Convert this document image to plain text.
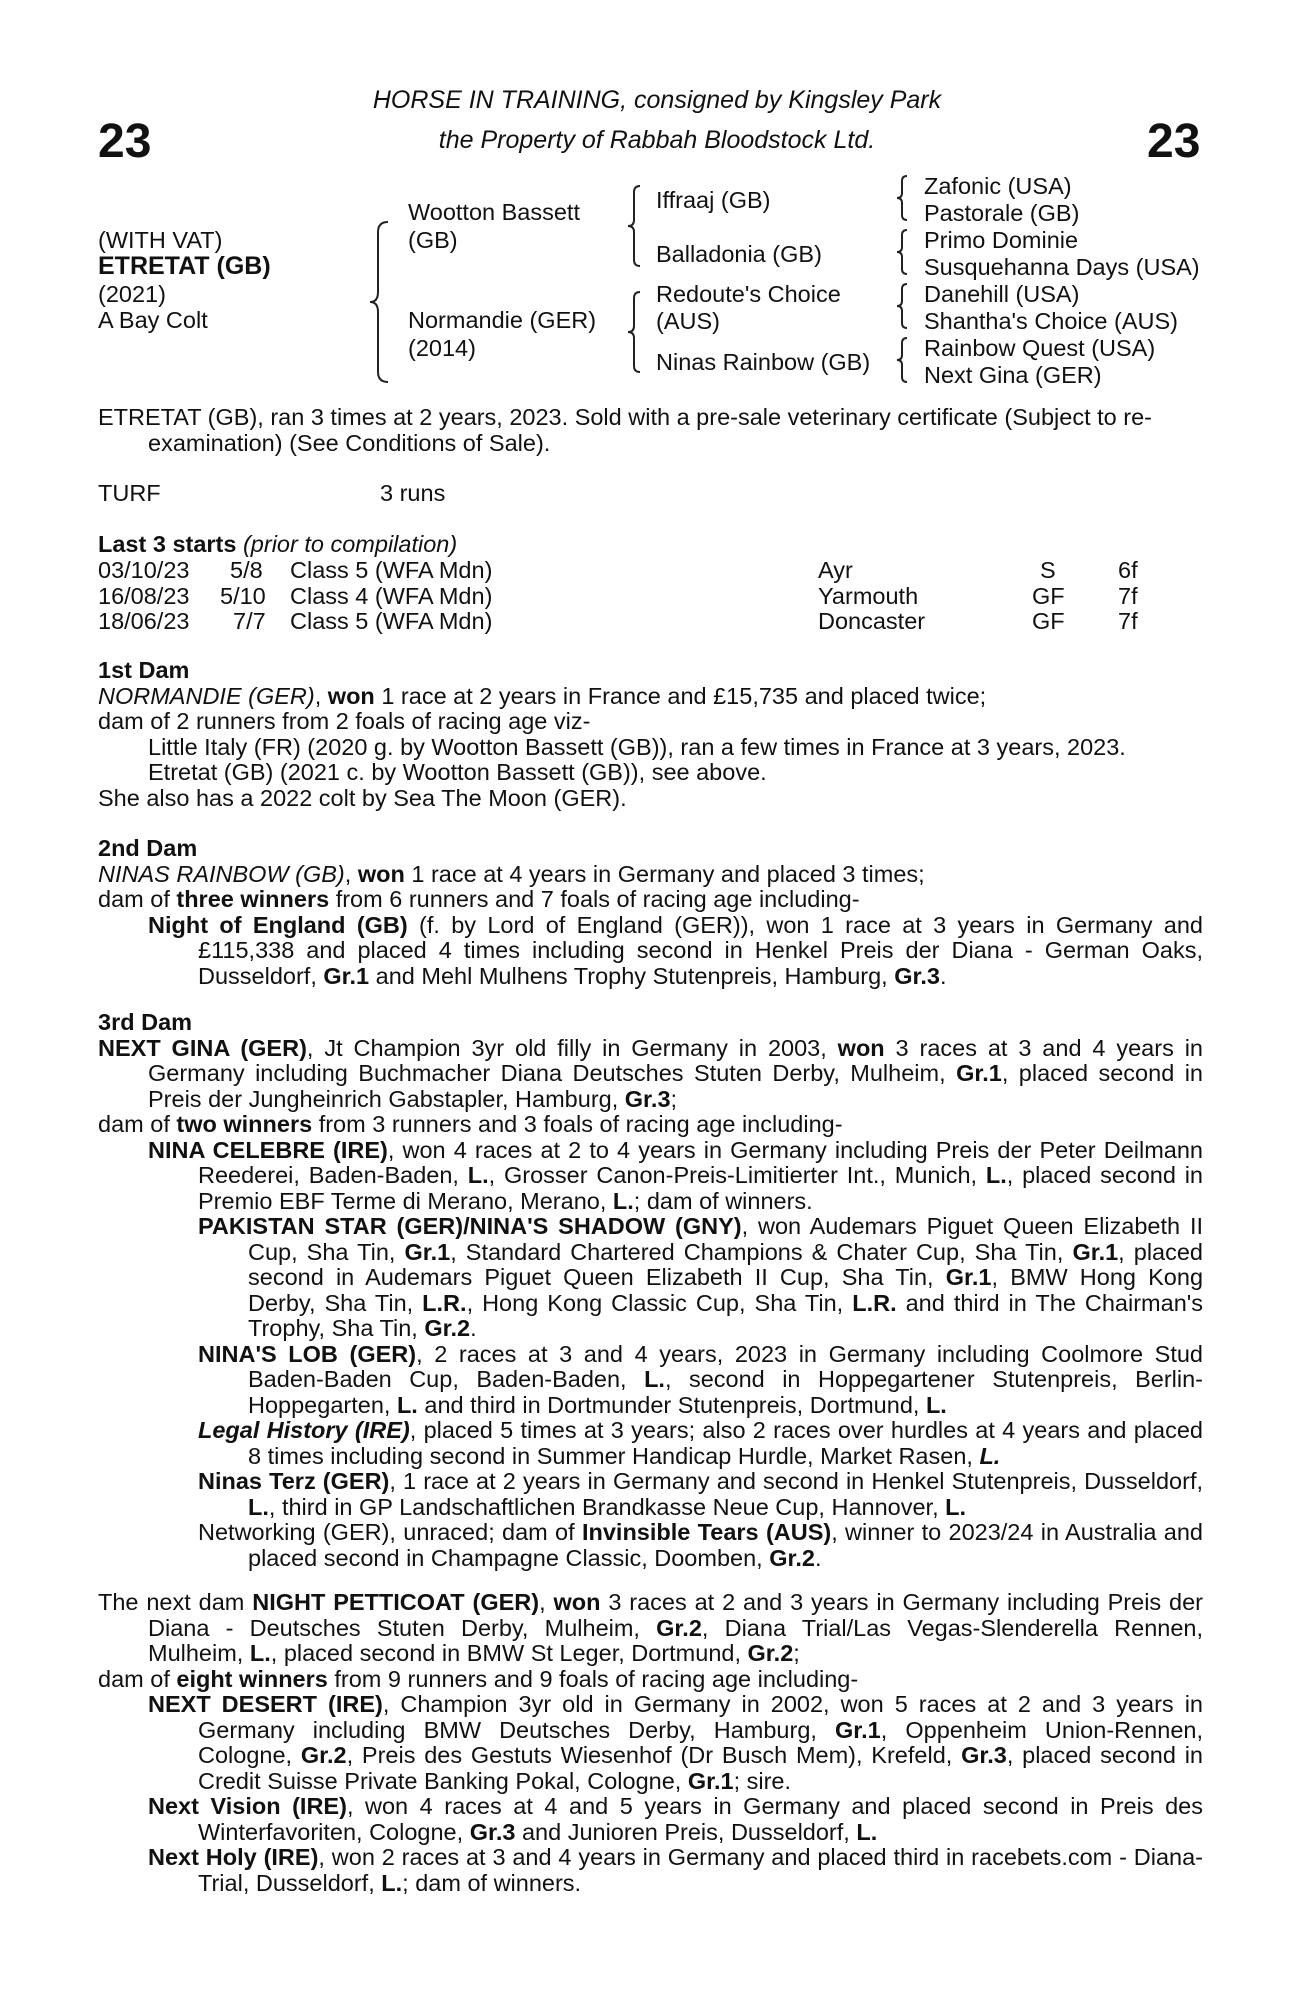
23	23
HORSE IN TRAINING, consigned by Kingsley Park
the Property of Rabbah Bloodstock Ltd.
(WITH VAT)
ETRETAT (GB)
(2021)
A Bay Colt
Wootton Bassett
(GB)
Normandie (GER)
(2014)
Iffraaj (GB)
Balladonia (GB)
Redoute's Choice
(AUS)
Ninas Rainbow (GB)
Zafonic (USA)
Pastorale (GB)
Primo Dominie
Susquehanna Days (USA)
Danehill (USA)
Shantha's Choice (AUS)
Rainbow Quest (USA)
Next Gina (GER)
ETRETAT (GB), ran 3 times at 2 years, 2023. Sold with a pre-sale veterinary certificate (Subject to re-examination) (See Conditions of Sale).
TURF	3 runs
Last 3 starts (prior to compilation)
03/10/23 5/8 Class 5 (WFA Mdn)	Ayr	S	6f
16/08/23 5/10 Class 4 (WFA Mdn)	Yarmouth	GF 7f
18/06/23 7/7 Class 5 (WFA Mdn)	Doncaster	GF 7f
1st Dam
NORMANDIE (GER), won 1 race at 2 years in France and £15,735 and placed twice;
dam of 2 runners from 2 foals of racing age viz-
Little Italy (FR) (2020 g. by Wootton Bassett (GB)), ran a few times in France at 3 years, 2023.
Etretat (GB) (2021 c. by Wootton Bassett (GB)), see above.
She also has a 2022 colt by Sea The Moon (GER).
2nd Dam
NINAS RAINBOW (GB), won 1 race at 4 years in Germany and placed 3 times;
dam of three winners from 6 runners and 7 foals of racing age including-
Night of England (GB) (f. by Lord of England (GER)), won 1 race at 3 years in Germany and £115,338 and placed 4 times including second in Henkel Preis der Diana - German Oaks, Dusseldorf, Gr.1 and Mehl Mulhens Trophy Stutenpreis, Hamburg, Gr.3.
3rd Dam
NEXT GINA (GER), Jt Champion 3yr old filly in Germany in 2003, won 3 races at 3 and 4 years in Germany including Buchmacher Diana Deutsches Stuten Derby, Mulheim, Gr.1, placed second in Preis der Jungheinrich Gabstapler, Hamburg, Gr.3;
dam of two winners from 3 runners and 3 foals of racing age including-
NINA CELEBRE (IRE), won 4 races at 2 to 4 years in Germany including Preis der Peter Deilmann Reederei, Baden-Baden, L., Grosser Canon-Preis-Limitierter Int., Munich, L., placed second in Premio EBF Terme di Merano, Merano, L.; dam of winners.
PAKISTAN STAR (GER)/NINA'S SHADOW (GNY), won Audemars Piguet Queen Elizabeth II Cup, Sha Tin, Gr.1, Standard Chartered Champions & Chater Cup, Sha Tin, Gr.1, placed second in Audemars Piguet Queen Elizabeth II Cup, Sha Tin, Gr.1, BMW Hong Kong Derby, Sha Tin, L.R., Hong Kong Classic Cup, Sha Tin, L.R. and third in The Chairman's Trophy, Sha Tin, Gr.2.
NINA'S LOB (GER), 2 races at 3 and 4 years, 2023 in Germany including Coolmore Stud Baden-Baden Cup, Baden-Baden, L., second in Hoppegartener Stutenpreis, Berlin-Hoppegarten, L. and third in Dortmunder Stutenpreis, Dortmund, L.
Legal History (IRE), placed 5 times at 3 years; also 2 races over hurdles at 4 years and placed 8 times including second in Summer Handicap Hurdle, Market Rasen, L.
Ninas Terz (GER), 1 race at 2 years in Germany and second in Henkel Stutenpreis, Dusseldorf, L., third in GP Landschaftlichen Brandkasse Neue Cup, Hannover, L.
Networking (GER), unraced; dam of Invinsible Tears (AUS), winner to 2023/24 in Australia and placed second in Champagne Classic, Doomben, Gr.2.
The next dam NIGHT PETTICOAT (GER), won 3 races at 2 and 3 years in Germany including Preis der Diana - Deutsches Stuten Derby, Mulheim, Gr.2, Diana Trial/Las Vegas-Slenderella Rennen, Mulheim, L., placed second in BMW St Leger, Dortmund, Gr.2;
dam of eight winners from 9 runners and 9 foals of racing age including-
NEXT DESERT (IRE), Champion 3yr old in Germany in 2002, won 5 races at 2 and 3 years in Germany including BMW Deutsches Derby, Hamburg, Gr.1, Oppenheim Union-Rennen, Cologne, Gr.2, Preis des Gestuts Wiesenhof (Dr Busch Mem), Krefeld, Gr.3, placed second in Credit Suisse Private Banking Pokal, Cologne, Gr.1; sire.
Next Vision (IRE), won 4 races at 4 and 5 years in Germany and placed second in Preis des Winterfavoriten, Cologne, Gr.3 and Junioren Preis, Dusseldorf, L.
Next Holy (IRE), won 2 races at 3 and 4 years in Germany and placed third in racebets.com - Diana-Trial, Dusseldorf, L.; dam of winners.
